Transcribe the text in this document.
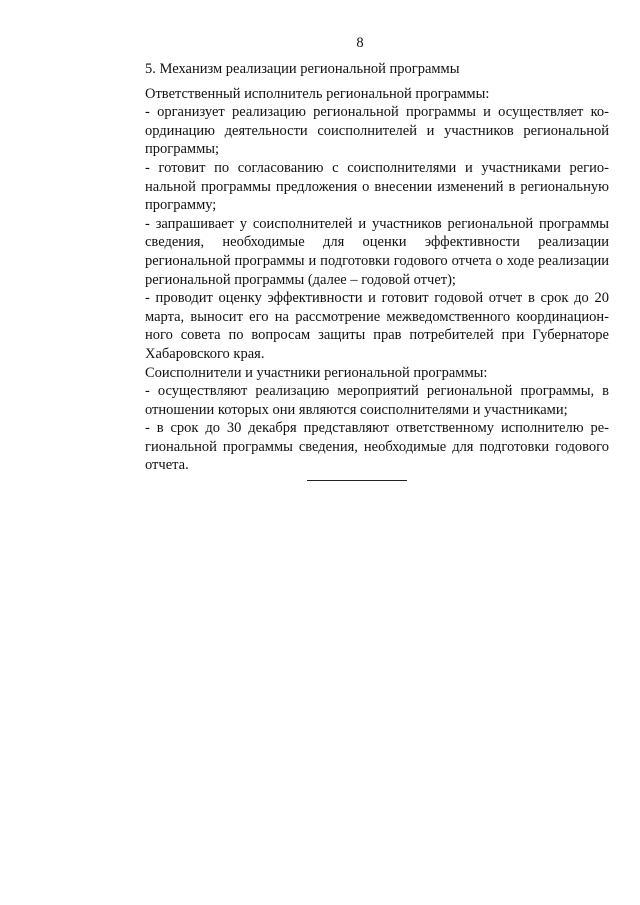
8

5. Механизм реализации региональной программы

Ответственный исполнитель региональной программы:

- организует реализацию региональной программы и осуществляет координацию деятельности соисполнителей и участников региональной программы;

- готовит по согласованию с соисполнителями и участниками региональной программы предложения о внесении изменений в региональную программу;

- запрашивает у соисполнителей и участников региональной программы сведения, необходимые для оценки эффективности реализации региональной программы и подготовки годового отчета о ходе реализации региональной программы (далее – годовой отчет);

- проводит оценку эффективности и готовит годовой отчет в срок до 20 марта, выносит его на рассмотрение межведомственного координационного совета по вопросам защиты прав потребителей при Губернаторе Хабаровского края.

Соисполнители и участники региональной программы:

- осуществляют реализацию мероприятий региональной программы, в отношении которых они являются соисполнителями и участниками;

- в срок до 30 декабря представляют ответственному исполнителю региональной программы сведения, необходимые для подготовки годового отчета.
